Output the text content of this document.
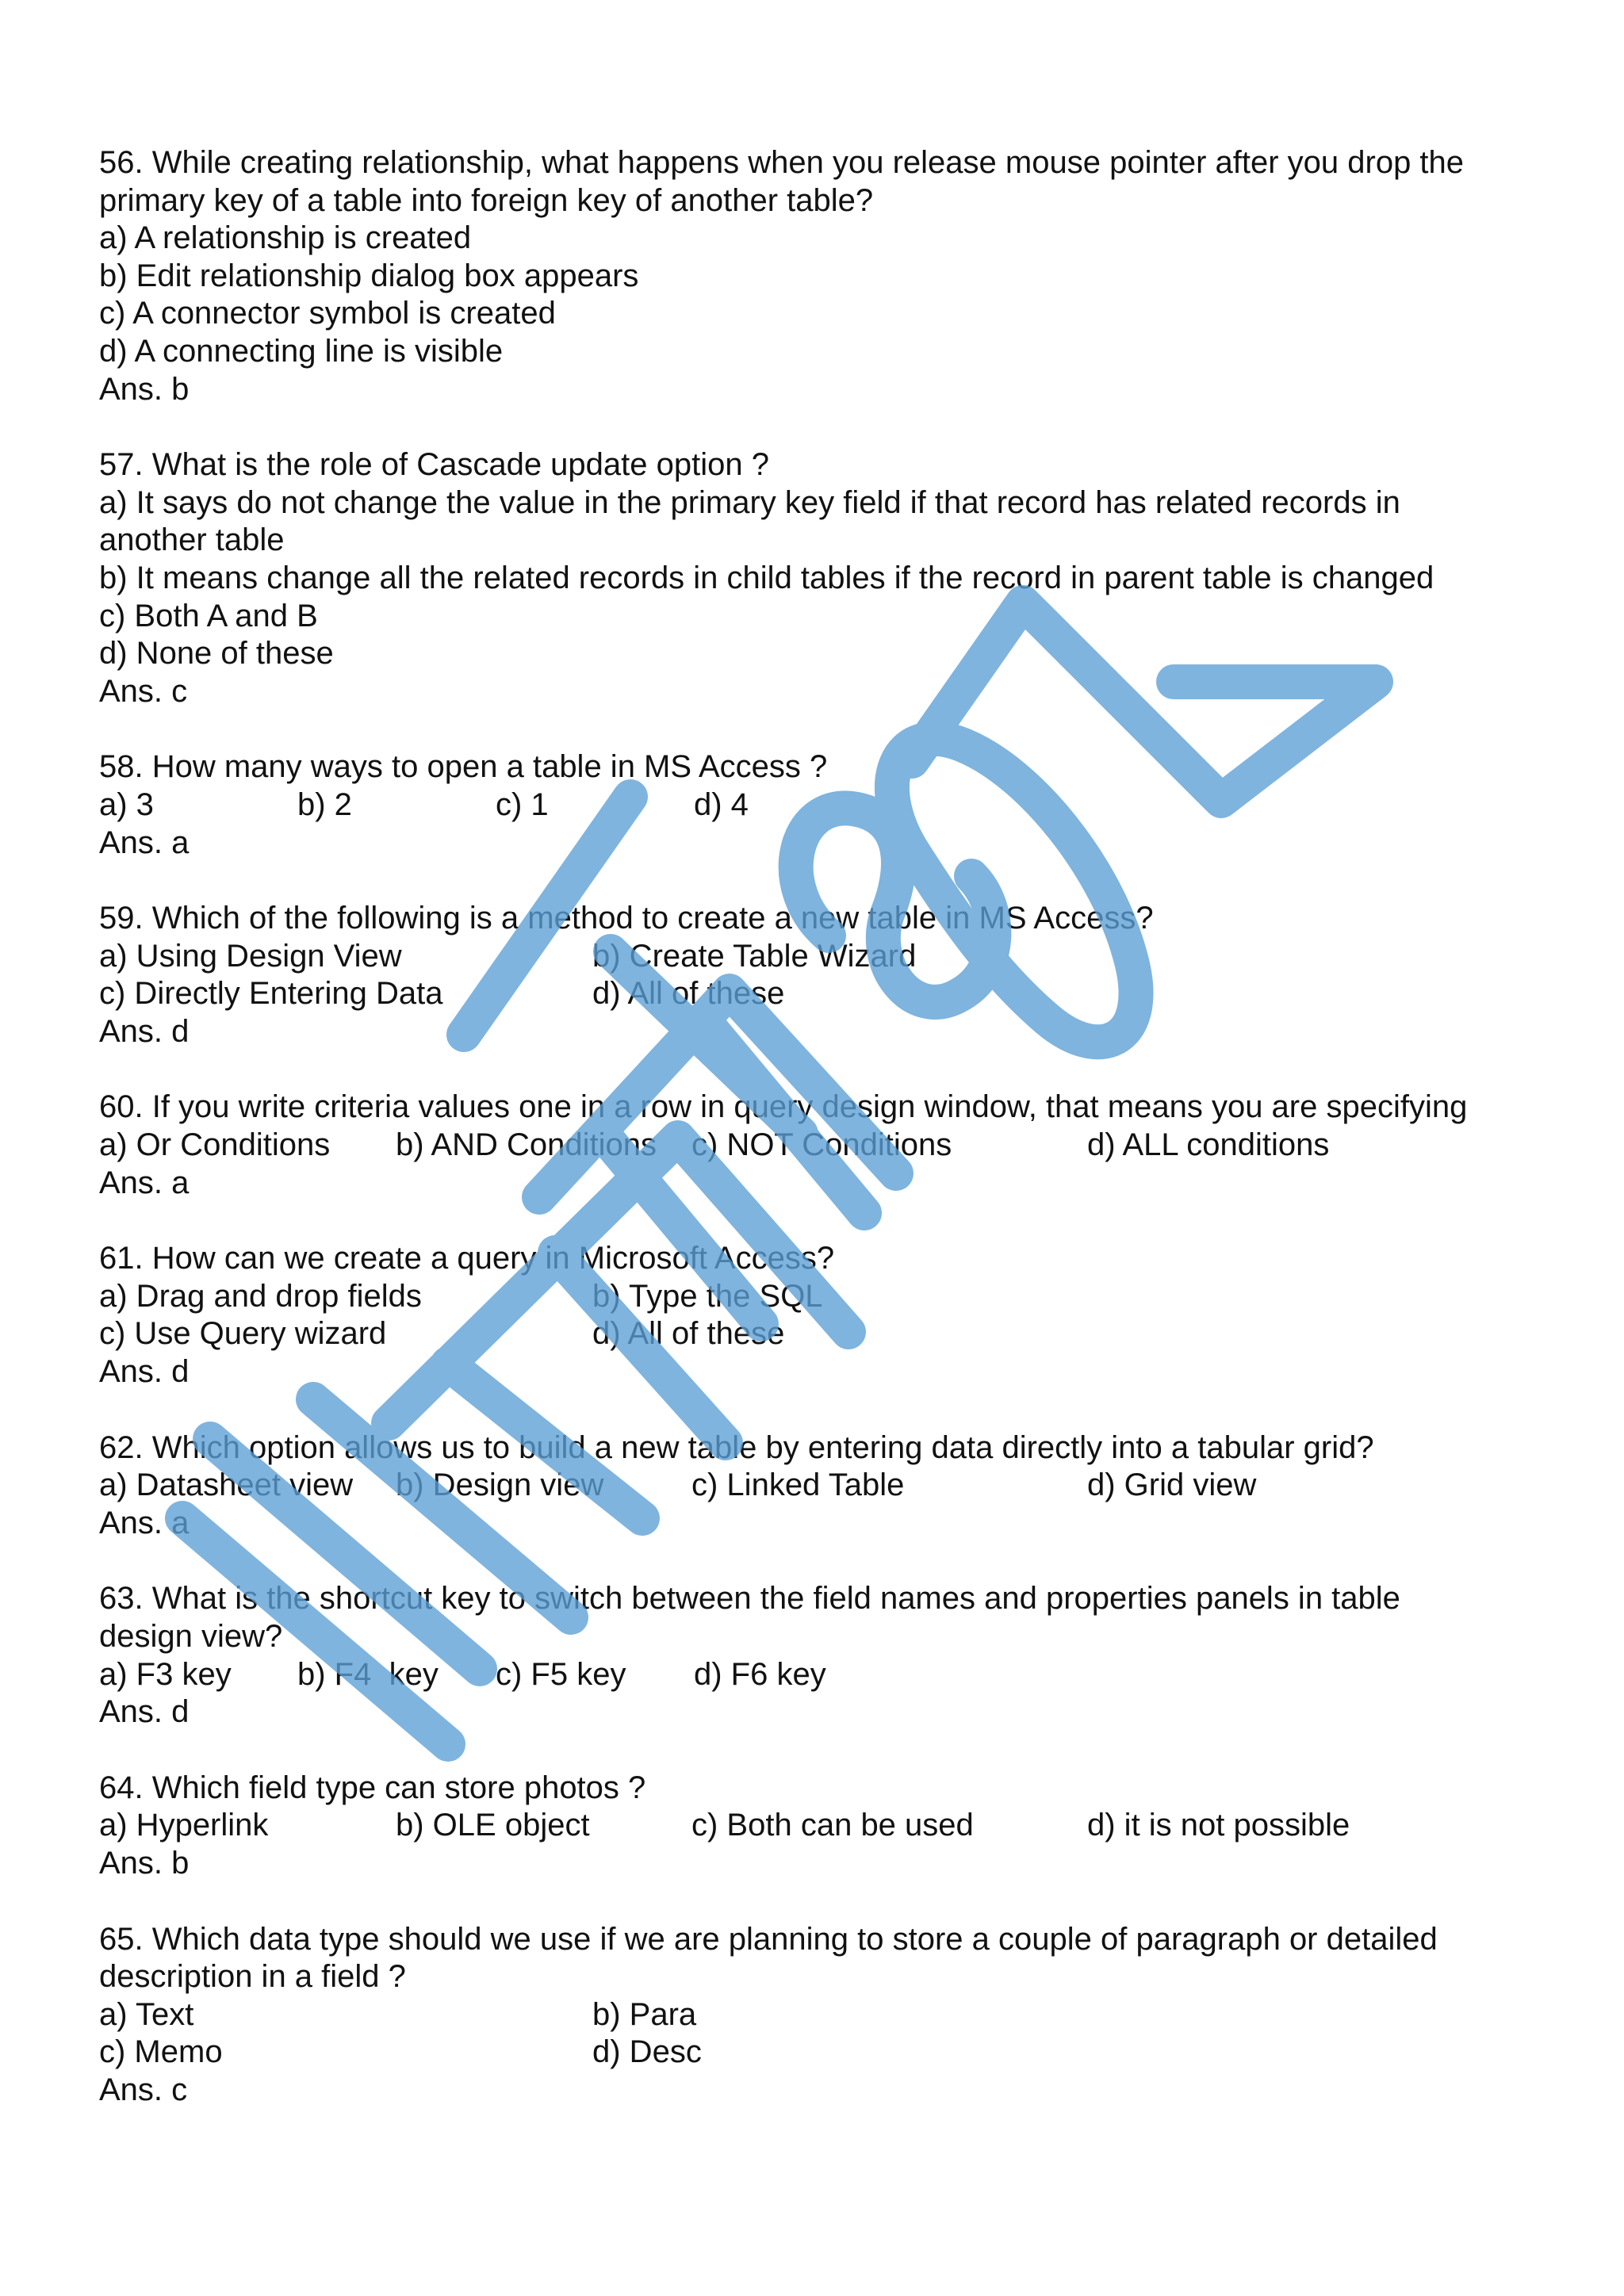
56. While creating relationship, what happens when you release mouse pointer after you drop the
primary key of a table into foreign key of another table?
a) A relationship is created
b) Edit relationship dialog box appears
c) A connector symbol is created
d) A connecting line is visible
Ans. b
57. What is the role of Cascade update option ?
a) It says do not change the value in the primary key field if that record has related records in
another table
b) It means change all the related records in child tables if the record in parent table is changed
c) Both A and B
d) None of these
Ans. c
58. How many ways to open a table in MS Access ?
a) 3	b) 2	c) 1	d) 4
Ans. a
59. Which of the following is a method to create a new table in MS Access?
a) Using Design View	b) Create Table Wizard
c) Directly Entering Data	d) All of these
Ans. d
60. If you write criteria values one in a row in query design window, that means you are specifying
a) Or Conditions b) AND Conditions c) NOT Conditions	d) ALL conditions
Ans. a
61. How can we create a query in Microsoft Access?
a) Drag and drop fields	b) Type the SQL
c) Use Query wizard	d) All of these
Ans. d
62. Which option allows us to build a new table by entering data directly into a tabular grid?
a) Datasheet view b) Design view	c) Linked Table	d) Grid view
Ans. a
63. What is the shortcut key to switch between the field names and properties panels in table
design view?
a) F3 key b) F4  key c) F5 key d) F6 key
Ans. d
64. Which field type can store photos ?
a) Hyperlink	b) OLE object	c) Both can be used	d) it is not possible
Ans. b
65. Which data type should we use if we are planning to store a couple of paragraph or detailed
description in a field ?
a) Text	b) Para
c) Memo	d) Desc
Ans. c
